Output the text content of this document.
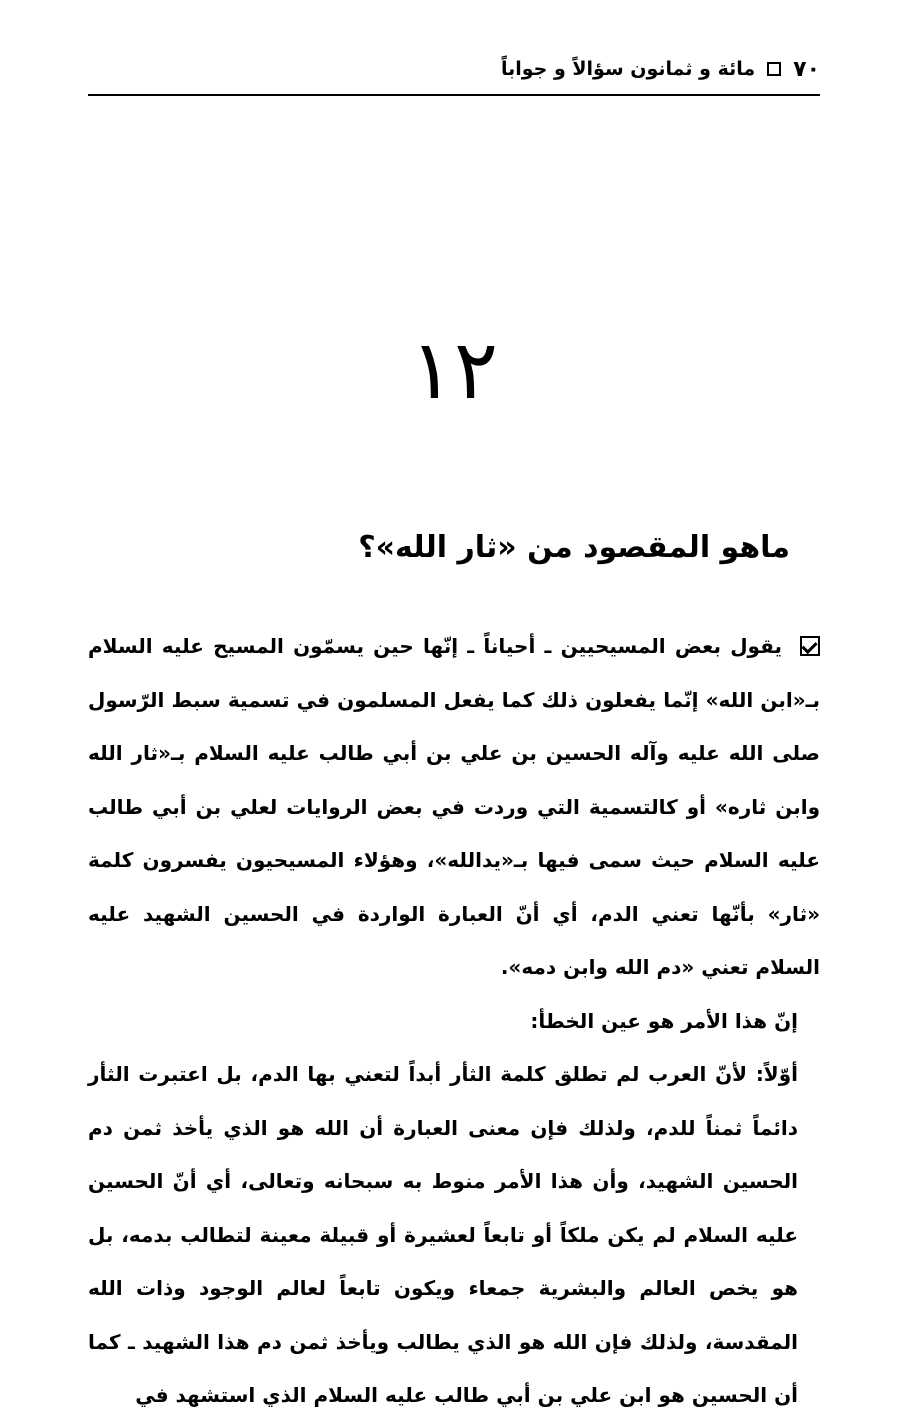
٧٠
مائة و ثمانون سؤالاً و جواباً
١٢
ماهو المقصود من «ثار الله»؟

يقول بعض المسيحيين ـ أحياناً ـ إنّها حين يسمّون المسيح عليه السلام بـ«ابن الله» إنّما يفعلون ذلك كما يفعل المسلمون في تسمية سبط الرّسول صلى الله عليه وآله الحسين بن علي بن أبي طالب عليه السلام بـ«ثار الله وابن ثاره» أو كالتسمية التي وردت في بعض الروايات لعلي بن أبي طالب عليه السلام حيث سمى فيها بـ«يدالله»، وهؤلاء المسيحيون يفسرون كلمة «ثار» بأنّها تعني الدم، أي أنّ العبارة الواردة في الحسين الشهيد عليه السلام تعني «دم الله وابن دمه».

إنّ هذا الأمر هو عين الخطأ:

أوّلاً: لأنّ العرب لم تطلق كلمة الثأر أبداً لتعني بها الدم، بل اعتبرت الثأر دائماً ثمناً للدم، ولذلك فإن معنى العبارة أن الله هو الذي يأخذ ثمن دم الحسين الشهيد، وأن هذا الأمر منوط به سبحانه وتعالى، أي أنّ الحسين عليه السلام لم يكن ملكاً أو تابعاً لعشيرة أو قبيلة معينة لتطالب بدمه، بل هو يخص العالم والبشرية جمعاء ويكون تابعاً لعالم الوجود وذات الله المقدسة، ولذلك فإن الله هو الذي يطالب ويأخذ ثمن دم هذا الشهيد ـ كما أن الحسين هو ابن علي بن أبي طالب عليه السلام الذي استشهد في
